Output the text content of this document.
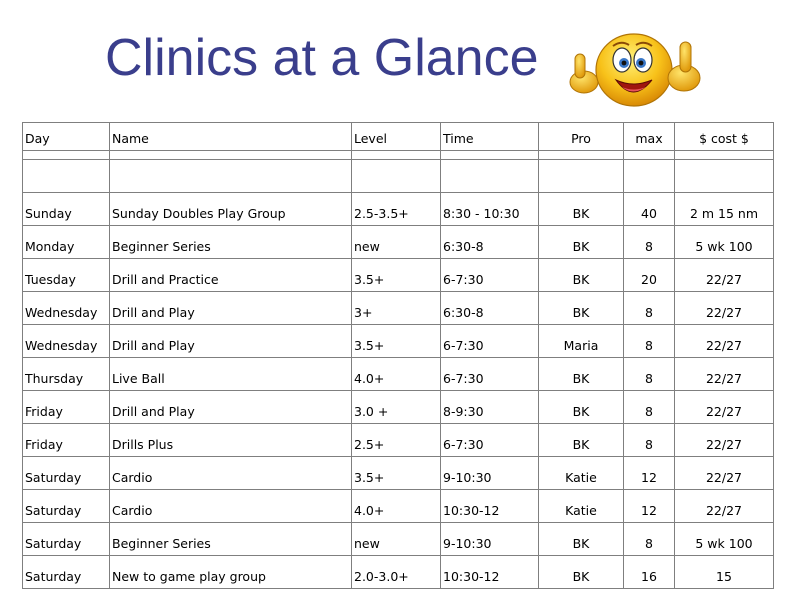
Clinics at a Glance
Day	Name	Level	Time	Pro	max	$ cost $

Sunday	Sunday Doubles Play Group	2.5-3.5+	8:30 - 10:30	BK	40	2 m 15 nm
Monday	Beginner Series	new	6:30-8	BK	8	5 wk 100
Tuesday	Drill and Practice	3.5+	6-7:30	BK	20	22/27
Wednesday	Drill and Play	3+	6:30-8	BK	8	22/27
Wednesday	Drill and Play	3.5+	6-7:30	Maria	8	22/27
Thursday	Live Ball	4.0+	6-7:30	BK	8	22/27
Friday	Drill and Play	3.0 +	8-9:30	BK	8	22/27
Friday	Drills Plus	2.5+	6-7:30	BK	8	22/27
Saturday	Cardio	3.5+	9-10:30	Katie	12	22/27
Saturday	Cardio	4.0+	10:30-12	Katie	12	22/27
Saturday	Beginner Series	new	9-10:30	BK	8	5 wk 100
Saturday	New to game play group	2.0-3.0+	10:30-12	BK	16	15
